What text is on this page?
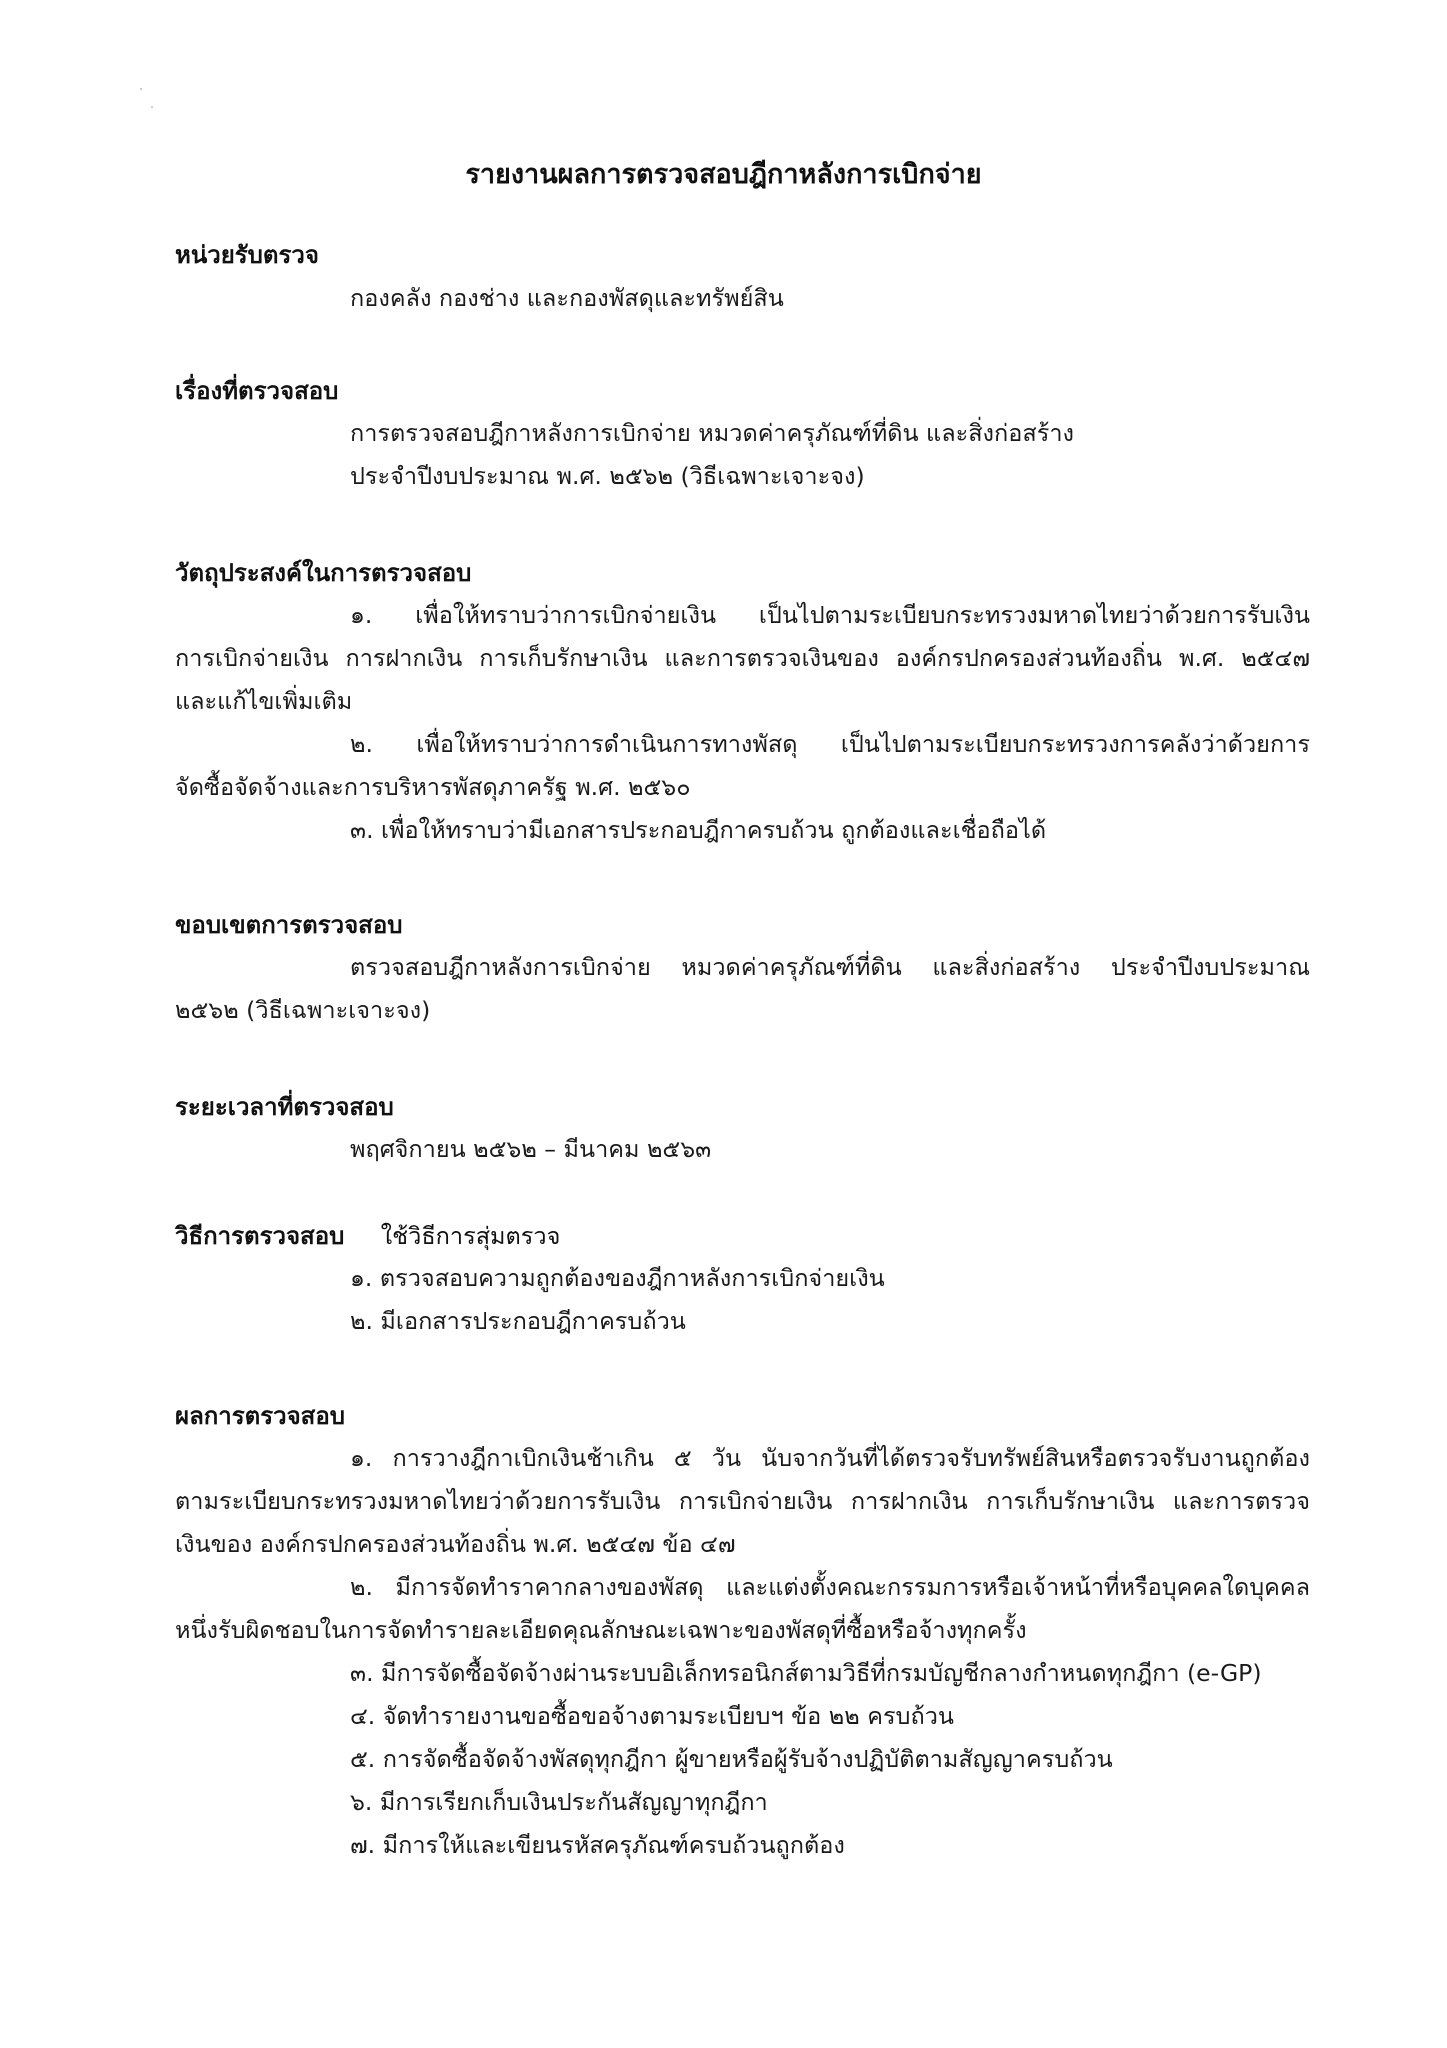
รายงานผลการตรวจสอบฎีกาหลังการเบิกจ่าย
หน่วยรับตรวจ
กองคลัง กองช่าง และกองพัสดุและทรัพย์สิน
เรื่องที่ตรวจสอบ
การตรวจสอบฎีกาหลังการเบิกจ่าย หมวดค่าครุภัณฑ์ที่ดิน และสิ่งก่อสร้าง
ประจำปีงบประมาณ พ.ศ. ๒๕๖๒ (วิธีเฉพาะเจาะจง)
วัตถุประสงค์ในการตรวจสอบ
๑. เพื่อให้ทราบว่าการเบิกจ่ายเงิน เป็นไปตามระเบียบกระทรวงมหาดไทยว่าด้วยการรับเงิน
การเบิกจ่ายเงิน การฝากเงิน การเก็บรักษาเงิน และการตรวจเงินของ องค์กรปกครองส่วนท้องถิ่น พ.ศ. ๒๕๔๗
และแก้ไขเพิ่มเติม
๒. เพื่อให้ทราบว่าการดำเนินการทางพัสดุ เป็นไปตามระเบียบกระทรวงการคลังว่าด้วยการ
จัดซื้อจัดจ้างและการบริหารพัสดุภาครัฐ พ.ศ. ๒๕๖๐
๓. เพื่อให้ทราบว่ามีเอกสารประกอบฎีกาครบถ้วน ถูกต้องและเชื่อถือได้
ขอบเขตการตรวจสอบ
ตรวจสอบฎีกาหลังการเบิกจ่าย หมวดค่าครุภัณฑ์ที่ดิน และสิ่งก่อสร้าง ประจำปีงบประมาณ
๒๕๖๒ (วิธีเฉพาะเจาะจง)
ระยะเวลาที่ตรวจสอบ
พฤศจิกายน ๒๕๖๒ – มีนาคม ๒๕๖๓
วิธีการตรวจสอบ ใช้วิธีการสุ่มตรวจ
๑. ตรวจสอบความถูกต้องของฎีกาหลังการเบิกจ่ายเงิน
๒. มีเอกสารประกอบฎีกาครบถ้วน
ผลการตรวจสอบ
๑. การวางฎีกาเบิกเงินช้าเกิน ๕ วัน นับจากวันที่ได้ตรวจรับทรัพย์สินหรือตรวจรับงานถูกต้อง
ตามระเบียบกระทรวงมหาดไทยว่าด้วยการรับเงิน การเบิกจ่ายเงิน การฝากเงิน การเก็บรักษาเงิน และการตรวจ
เงินของ องค์กรปกครองส่วนท้องถิ่น พ.ศ. ๒๕๔๗ ข้อ ๔๗
๒. มีการจัดทำราคากลางของพัสดุ และแต่งตั้งคณะกรรมการหรือเจ้าหน้าที่หรือบุคคลใดบุคคล
หนึ่งรับผิดชอบในการจัดทำรายละเอียดคุณลักษณะเฉพาะของพัสดุที่ซื้อหรือจ้างทุกครั้ง
๓. มีการจัดซื้อจัดจ้างผ่านระบบอิเล็กทรอนิกส์ตามวิธีที่กรมบัญชีกลางกำหนดทุกฎีกา (e-GP)
๔. จัดทำรายงานขอซื้อขอจ้างตามระเบียบฯ ข้อ ๒๒ ครบถ้วน
๕. การจัดซื้อจัดจ้างพัสดุทุกฎีกา ผู้ขายหรือผู้รับจ้างปฏิบัติตามสัญญาครบถ้วน
๖. มีการเรียกเก็บเงินประกันสัญญาทุกฎีกา
๗. มีการให้และเขียนรหัสครุภัณฑ์ครบถ้วนถูกต้อง
